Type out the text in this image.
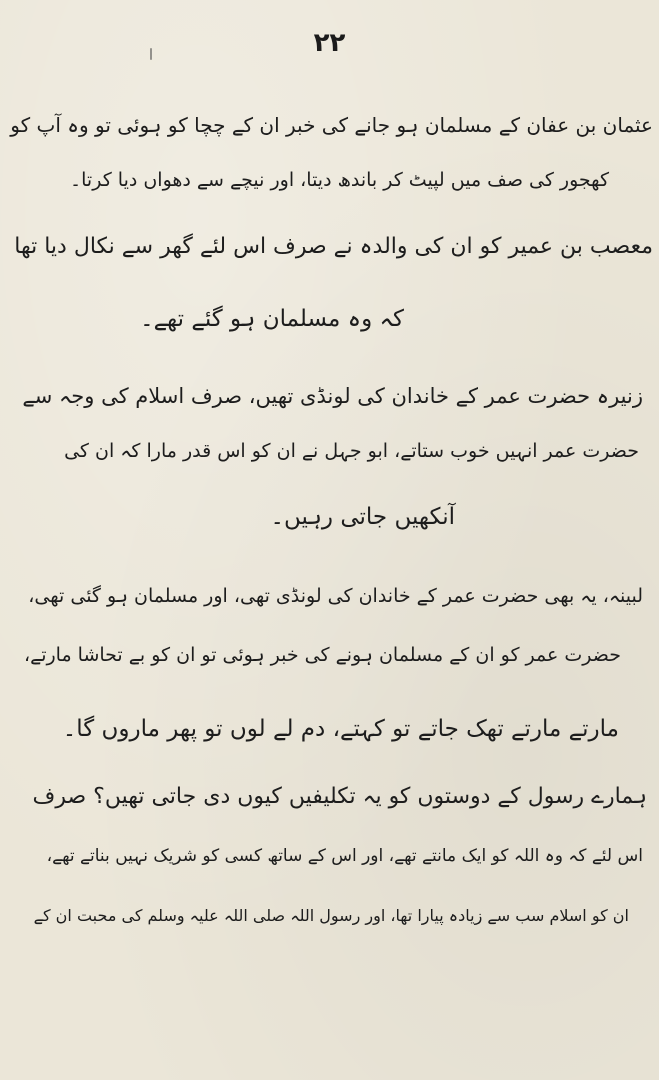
۲۲
عثمان بن عفان کے مسلمان ہو جانے کی خبر ان کے چچا کو ہوئی تو وہ آپ کو
کھجور کی صف میں لپیٹ کر باندھ دیتا، اور نیچے سے دھواں دیا کرتا۔
معصب بن عمیر کو ان کی والدہ نے صرف اس لئے گھر سے نکال دیا تھا
کہ وہ مسلمان ہو گئے تھے۔
زنیرہ حضرت عمر کے خاندان کی لونڈی تھیں، صرف اسلام کی وجہ سے
حضرت عمر انہیں خوب ستاتے، ابو جہل نے ان کو اس قدر مارا کہ ان کی
آنکھیں جاتی رہیں۔
لبینہ، یہ بھی حضرت عمر کے خاندان کی لونڈی تھی، اور مسلمان ہو گئی تھی،
حضرت عمر کو ان کے مسلمان ہونے کی خبر ہوئی تو ان کو بے تحاشا مارتے،
مارتے مارتے تھک جاتے تو کہتے، دم لے لوں تو پھر ماروں گا۔
ہمارے رسول کے دوستوں کو یہ تکلیفیں کیوں دی جاتی تھیں؟ صرف
اس لئے کہ وہ اللہ کو ایک مانتے تھے، اور اس کے ساتھ کسی کو شریک نہیں بناتے تھے،
ان کو اسلام سب سے زیادہ پیارا تھا، اور رسول اللہ صلی اللہ علیہ وسلم کی محبت ان کے
